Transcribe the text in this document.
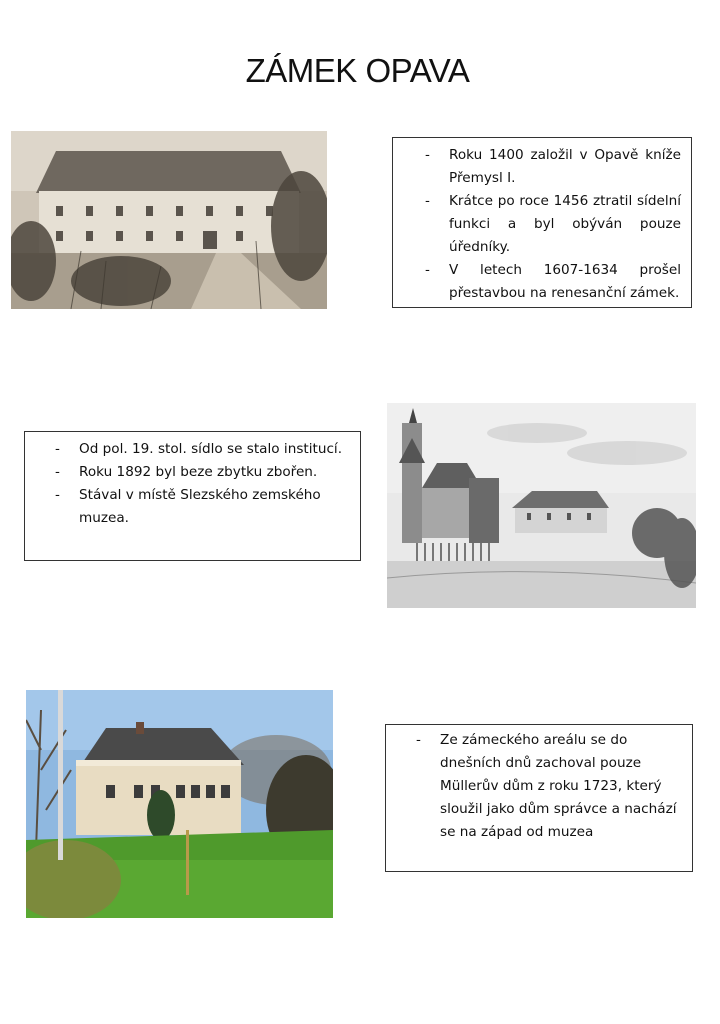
ZÁMEK OPAVA
- Roku 1400 založil v Opavě kníže Přemysl I.
- Krátce po roce 1456 ztratil sídelní funkci a byl obýván pouze úředníky.
- V letech 1607-1634 prošel přestavbou na renesanční zámek.
- Od pol. 19. stol. sídlo se stalo institucí.
- Roku 1892 byl beze zbytku zbořen.
- Stával v místě Slezského zemského muzea.
- Ze zámeckého areálu se do dnešních dnů zachoval pouze Müllerův dům z roku 1723, který sloužil jako dům správce a nachází se na západ od muzea
